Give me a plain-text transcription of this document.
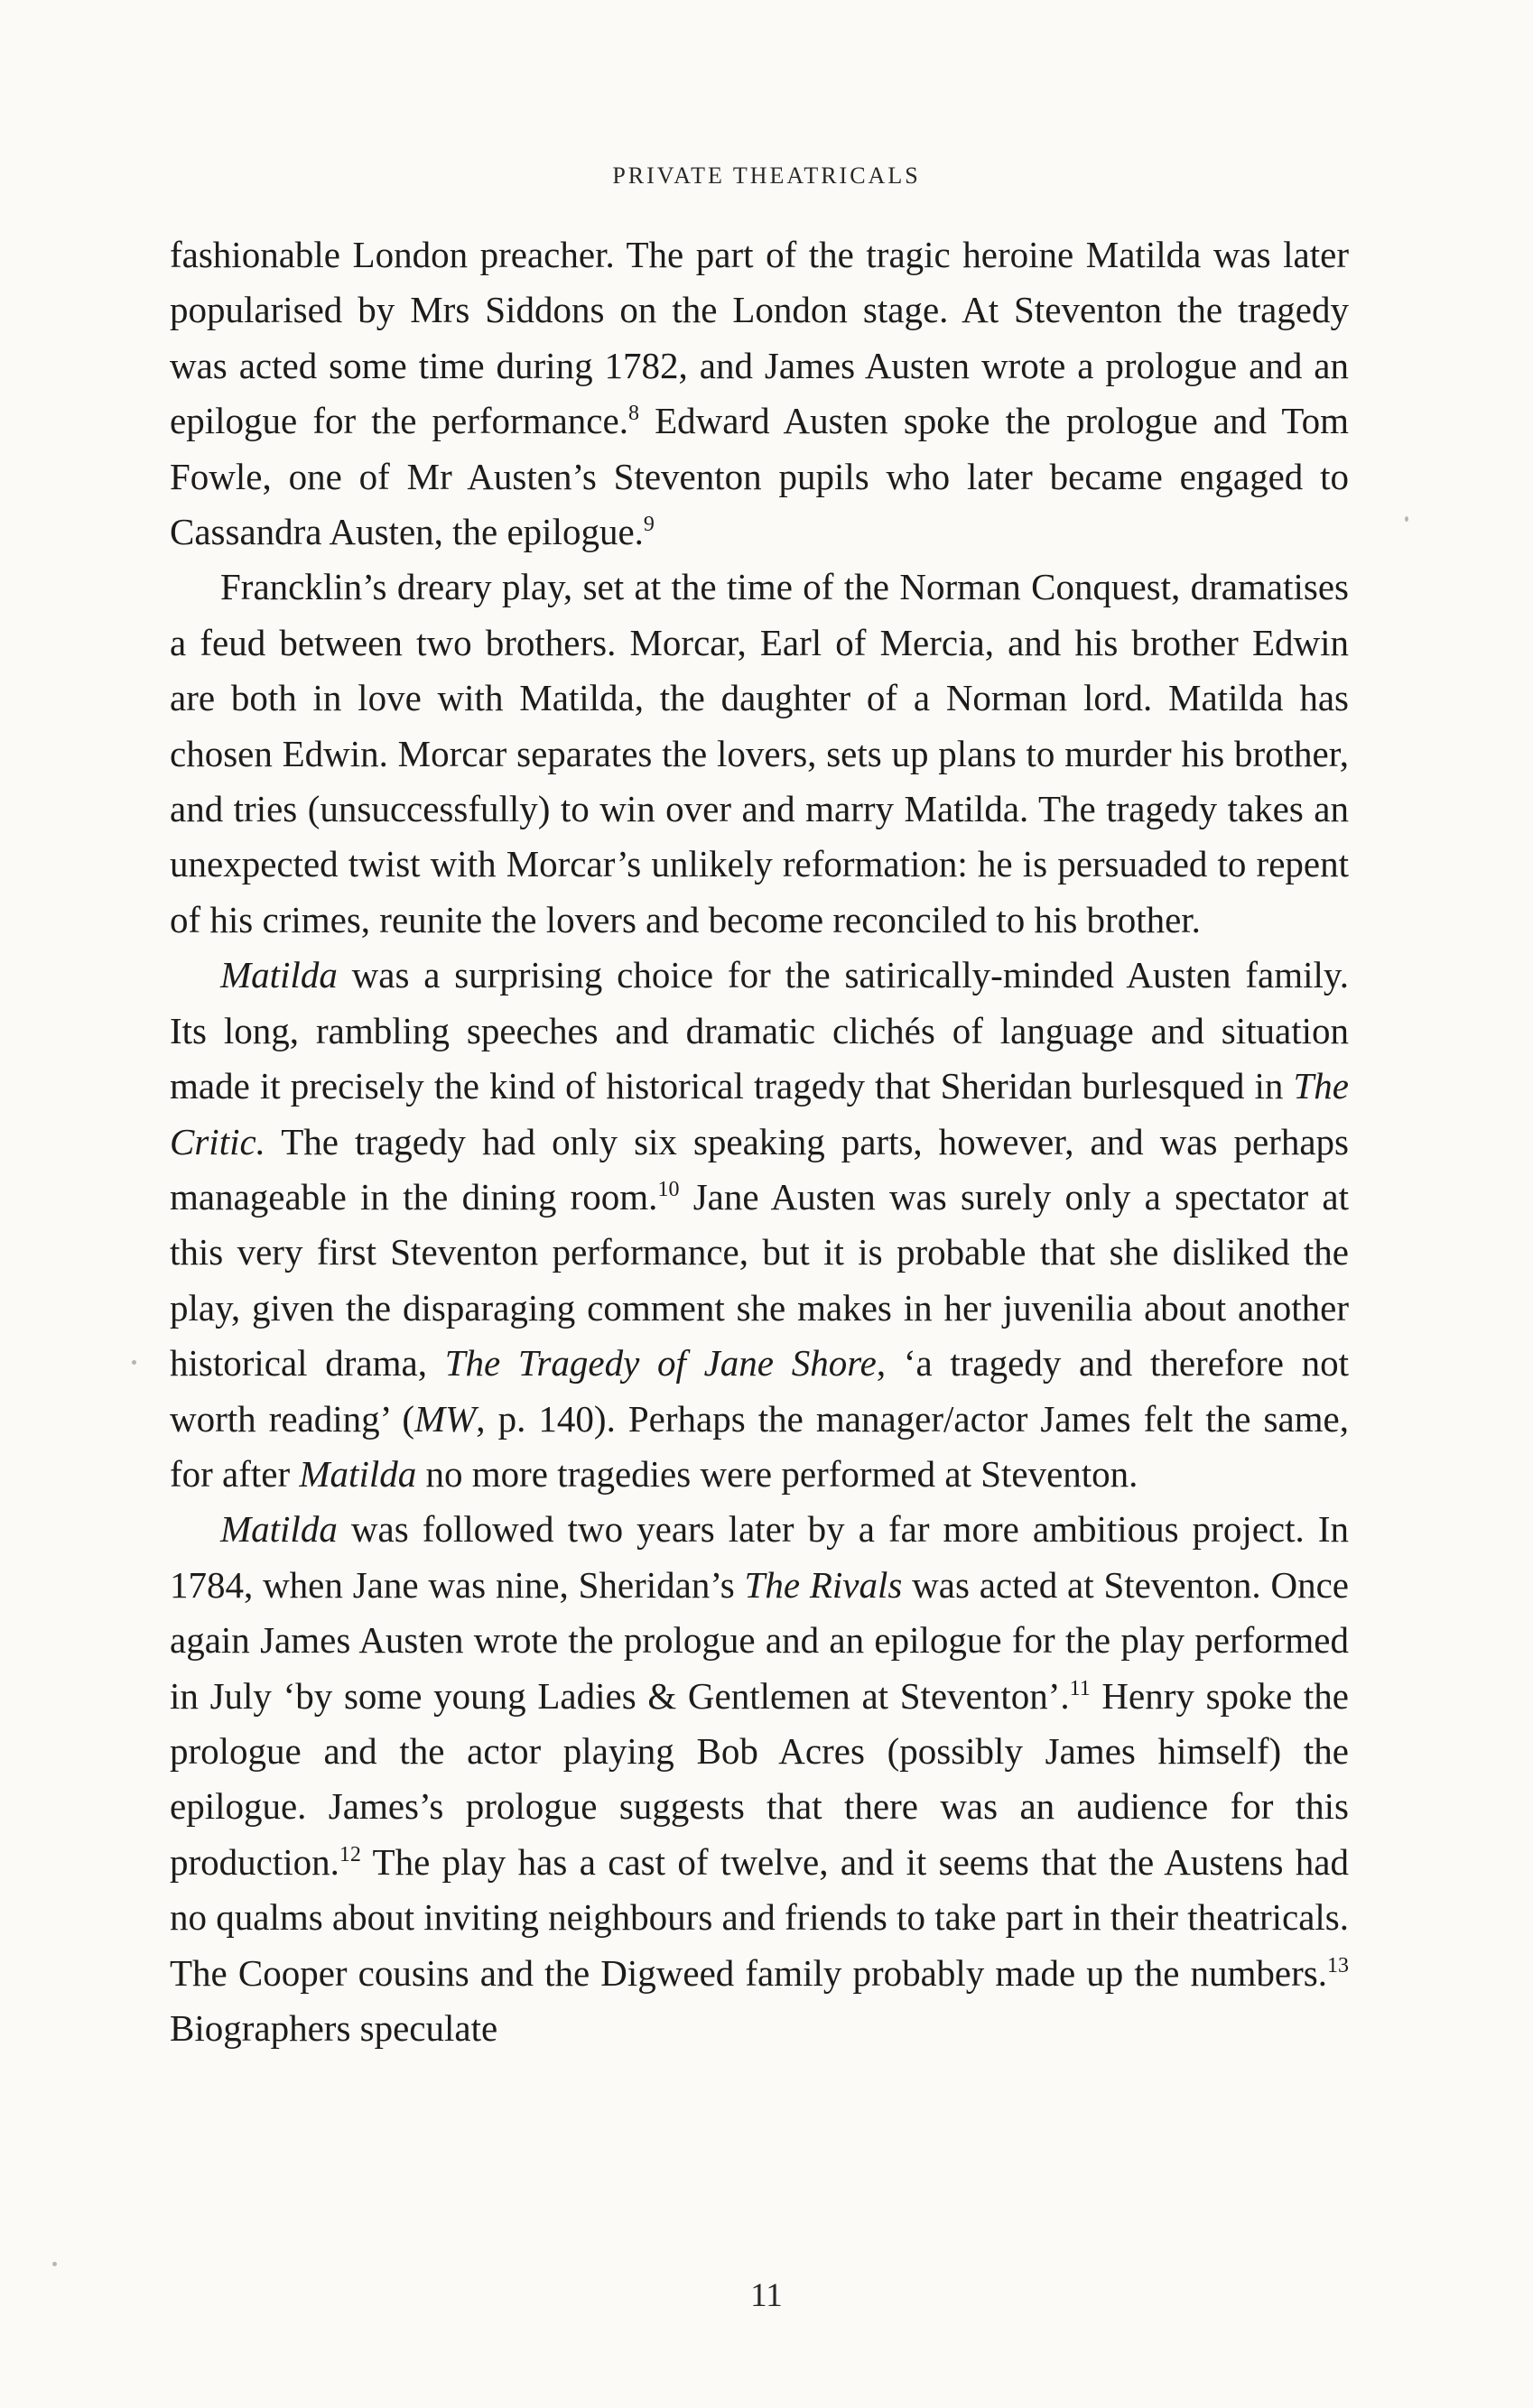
PRIVATE THEATRICALS

fashionable London preacher. The part of the tragic heroine Matilda was later popularised by Mrs Siddons on the London stage. At Steventon the tragedy was acted some time during 1782, and James Austen wrote a prologue and an epilogue for the performance.$^8$ Edward Austen spoke the prologue and Tom Fowle, one of Mr Austen’s Steventon pupils who later became engaged to Cassandra Austen, the epilogue.$^9$

Francklin’s dreary play, set at the time of the Norman Conquest, dramatises a feud between two brothers. Morcar, Earl of Mercia, and his brother Edwin are both in love with Matilda, the daughter of a Norman lord. Matilda has chosen Edwin. Morcar separates the lovers, sets up plans to murder his brother, and tries (unsuccessfully) to win over and marry Matilda. The tragedy takes an unexpected twist with Morcar’s unlikely reformation: he is persuaded to repent of his crimes, reunite the lovers and become reconciled to his brother.

Matilda was a surprising choice for the satirically-minded Austen family. Its long, rambling speeches and dramatic clichés of language and situation made it precisely the kind of historical tragedy that Sheridan burlesqued in The Critic. The tragedy had only six speaking parts, however, and was perhaps manageable in the dining room.$^{10}$ Jane Austen was surely only a spectator at this very first Steventon performance, but it is probable that she disliked the play, given the disparaging comment she makes in her juvenilia about another historical drama, The Tragedy of Jane Shore, ‘a tragedy and therefore not worth reading’ (MW, p. 140). Perhaps the manager/actor James felt the same, for after Matilda no more tragedies were performed at Steventon.

Matilda was followed two years later by a far more ambitious project. In 1784, when Jane was nine, Sheridan’s The Rivals was acted at Steventon. Once again James Austen wrote the prologue and an epilogue for the play performed in July ‘by some young Ladies & Gentlemen at Steventon’.$^{11}$ Henry spoke the prologue and the actor playing Bob Acres (possibly James himself) the epilogue. James’s prologue suggests that there was an audience for this production.$^{12}$ The play has a cast of twelve, and it seems that the Austens had no qualms about inviting neighbours and friends to take part in their theatricals. The Cooper cousins and the Digweed family probably made up the numbers.$^{13}$ Biographers speculate

11
